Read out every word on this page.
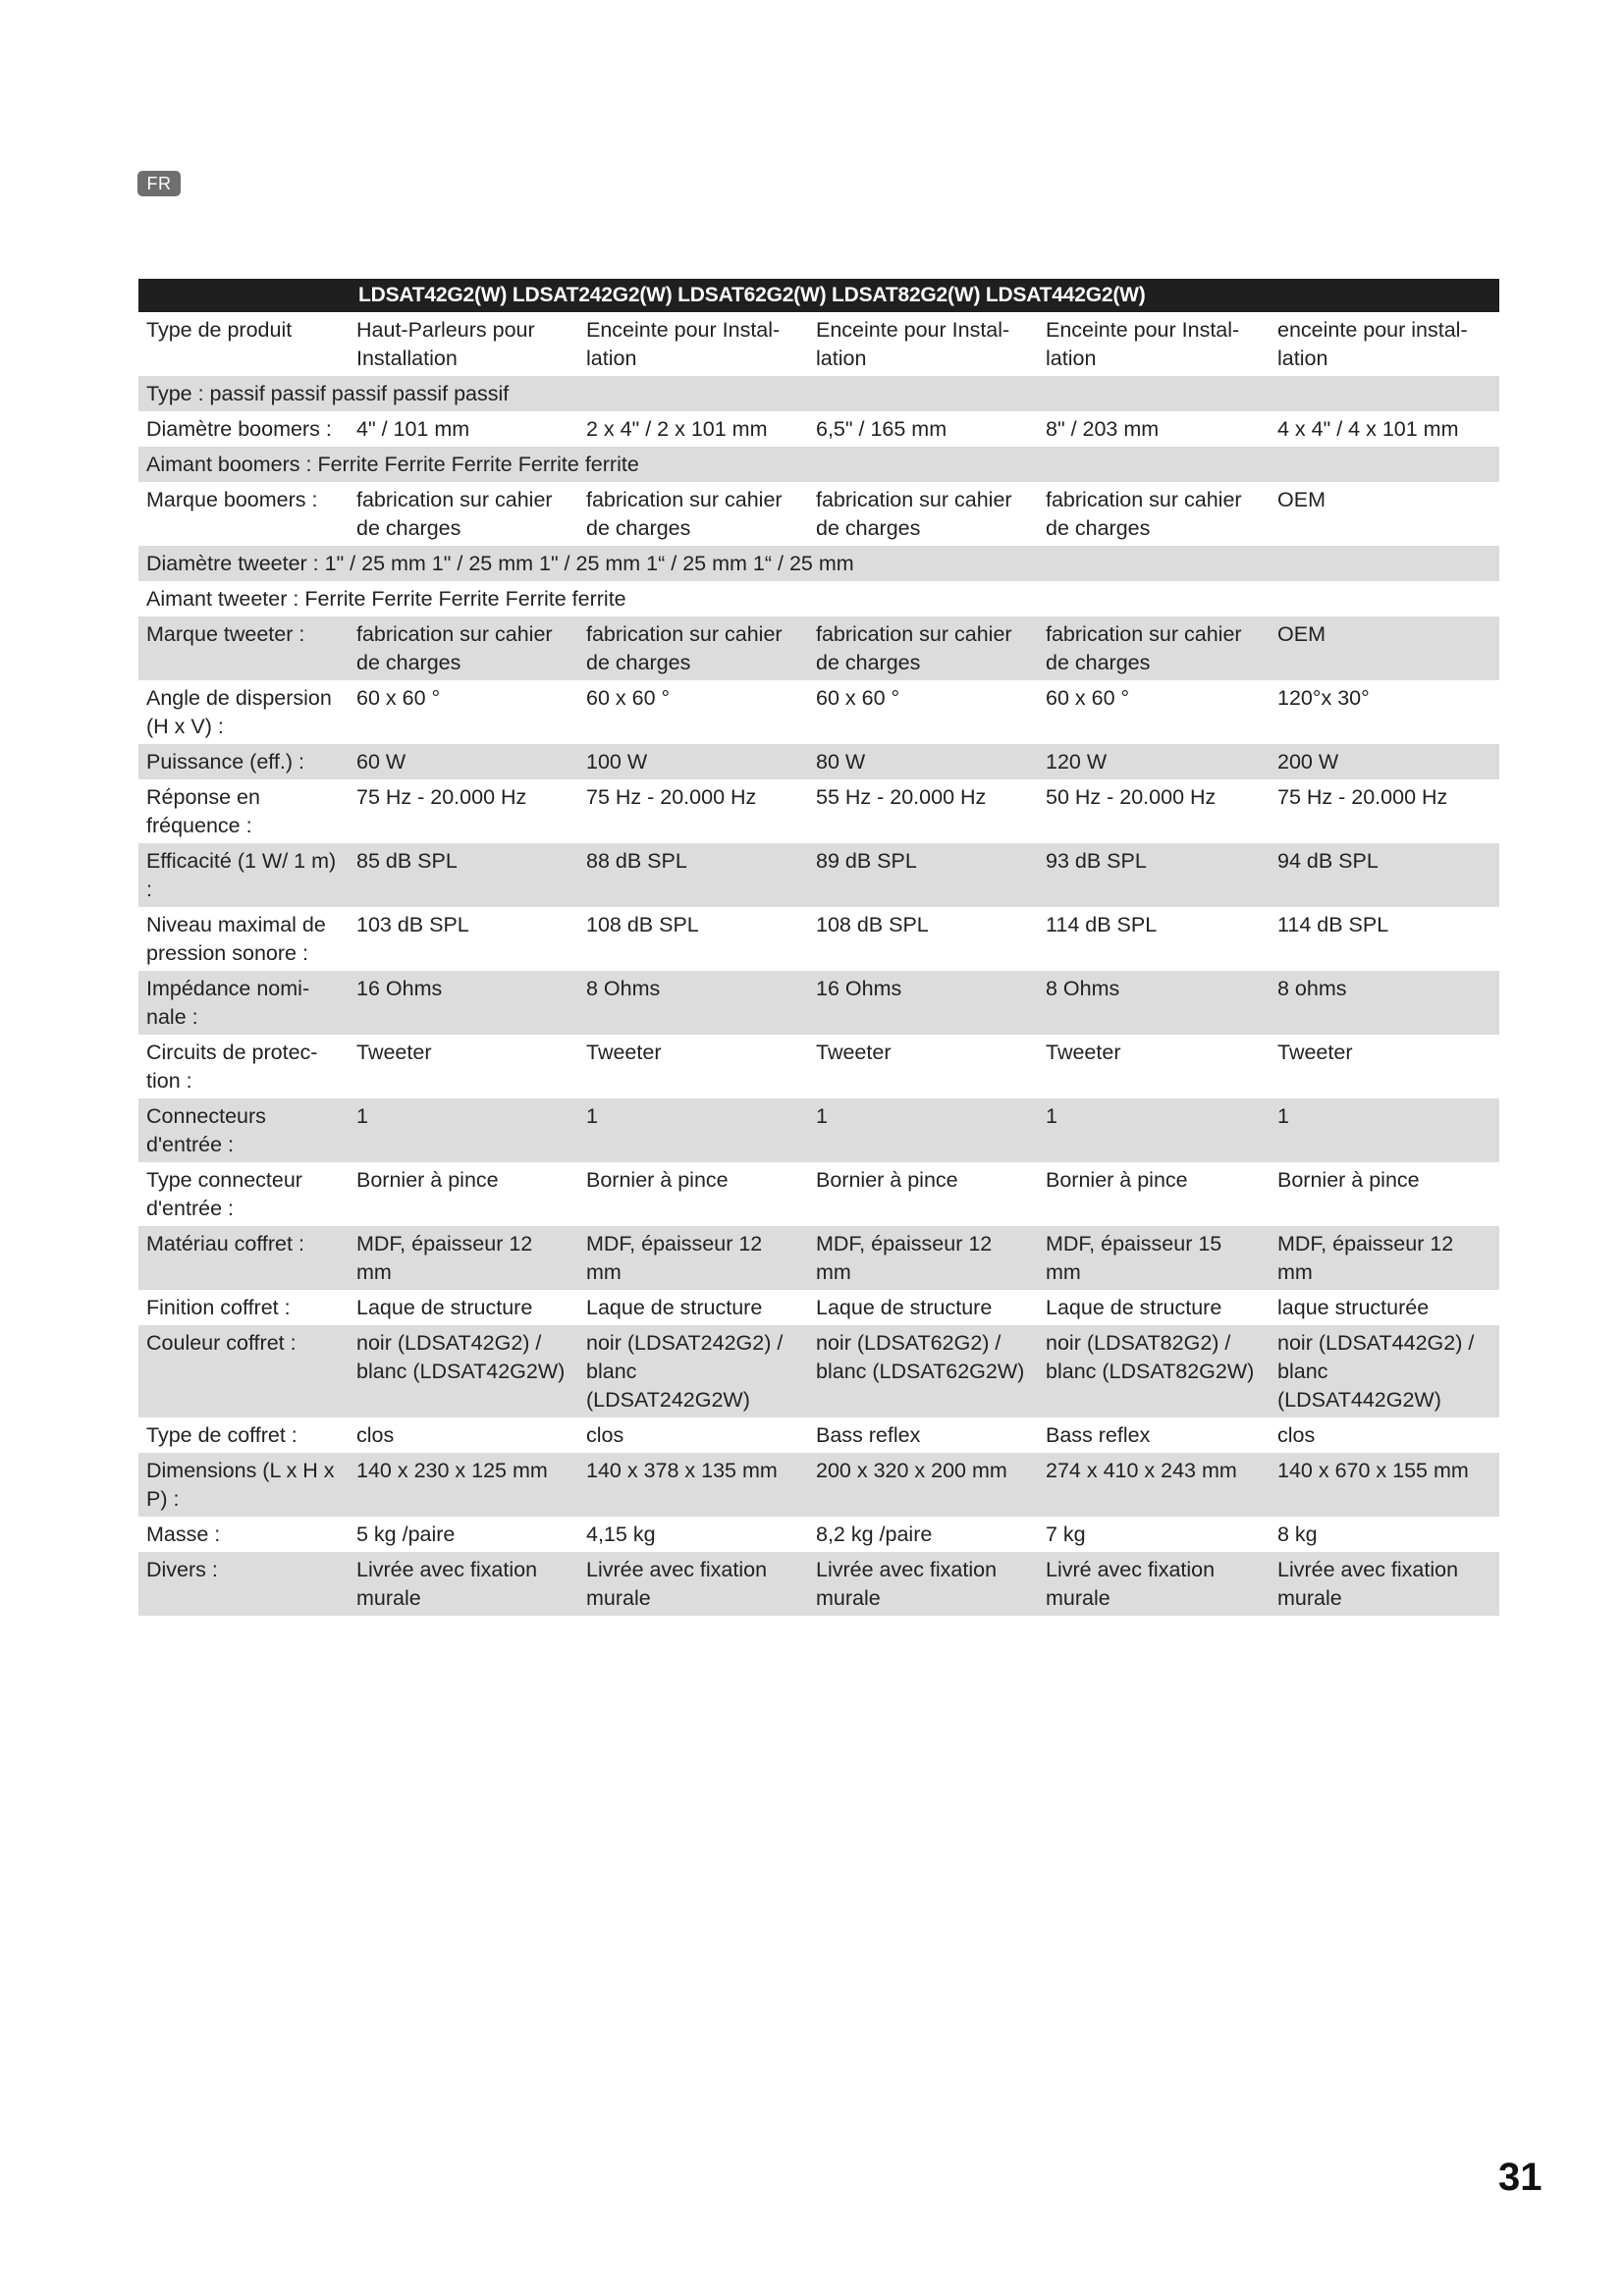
FR
LDSAT42G2(W) LDSAT242G2(W) LDSAT62G2(W) LDSAT82G2(W) LDSAT442G2(W)					
Type de produit	Haut-Parleurs pour Installation	Enceinte pour Instal-lation	Enceinte pour Instal-lation	Enceinte pour Instal-lation	enceinte pour instal-lation
Type : passif passif passif passif passif					
Diamètre boomers :	4" / 101 mm	2 x 4" / 2 x 101 mm	6,5" / 165 mm	8" / 203 mm	4 x 4" / 4 x 101 mm
Aimant boomers : Ferrite Ferrite Ferrite Ferrite ferrite					
Marque boomers :	fabrication sur cahier de charges	fabrication sur cahier de charges	fabrication sur cahier de charges	fabrication sur cahier de charges	OEM
Diamètre tweeter : 1" / 25 mm 1" / 25 mm 1" / 25 mm 1“ / 25 mm 1“ / 25 mm					
Aimant tweeter : Ferrite Ferrite Ferrite Ferrite ferrite					
Marque tweeter :	fabrication sur cahier de charges	fabrication sur cahier de charges	fabrication sur cahier de charges	fabrication sur cahier de charges	OEM
Angle de dispersion (H x V) :	60 x 60 °	60 x 60 °	60 x 60 °	60 x 60 °	120°x 30°
Puissance (eff.) :	60 W	100 W	80 W	120 W	200 W
Réponse en fréquence :	75 Hz - 20.000 Hz	75 Hz - 20.000 Hz	55 Hz - 20.000 Hz	50 Hz - 20.000 Hz	75 Hz - 20.000 Hz
Efficacité (1 W/ 1 m) :	85 dB SPL	88 dB SPL	89 dB SPL	93 dB SPL	94 dB SPL
Niveau maximal de pression sonore :	103 dB SPL	108 dB SPL	108 dB SPL	114 dB SPL	114 dB SPL
Impédance nomi-nale :	16 Ohms	8 Ohms	16 Ohms	8 Ohms	8 ohms
Circuits de protec-tion :	Tweeter	Tweeter	Tweeter	Tweeter	Tweeter
Connecteurs d'entrée :	1	1	1	1	1
Type connecteur d'entrée :	Bornier à pince	Bornier à pince	Bornier à pince	Bornier à pince	Bornier à pince
Matériau coffret :	MDF, épaisseur 12 mm	MDF, épaisseur 12 mm	MDF, épaisseur 12 mm	MDF, épaisseur 15 mm	MDF, épaisseur 12 mm
Finition coffret :	Laque de structure	Laque de structure	Laque de structure	Laque de structure	laque structurée
Couleur coffret :	noir (LDSAT42G2) / blanc (LDSAT42G2W)	noir (LDSAT242G2) / blanc (LDSAT242G2W)	noir (LDSAT62G2) / blanc (LDSAT62G2W)	noir (LDSAT82G2) / blanc (LDSAT82G2W)	noir (LDSAT442G2) / blanc (LDSAT442G2W)
Type de coffret :	clos	clos	Bass reflex	Bass reflex	clos
Dimensions (L x H x P) :	140 x 230 x 125 mm	140 x 378 x 135 mm	200 x 320 x 200 mm	274 x 410 x 243 mm	140 x 670 x 155 mm
Masse :	5 kg /paire	4,15 kg	8,2 kg /paire	7 kg	8 kg
Divers :	Livrée avec fixation murale	Livrée avec fixation murale	Livrée avec fixation murale	Livré avec fixation murale	Livrée avec fixation murale
31
